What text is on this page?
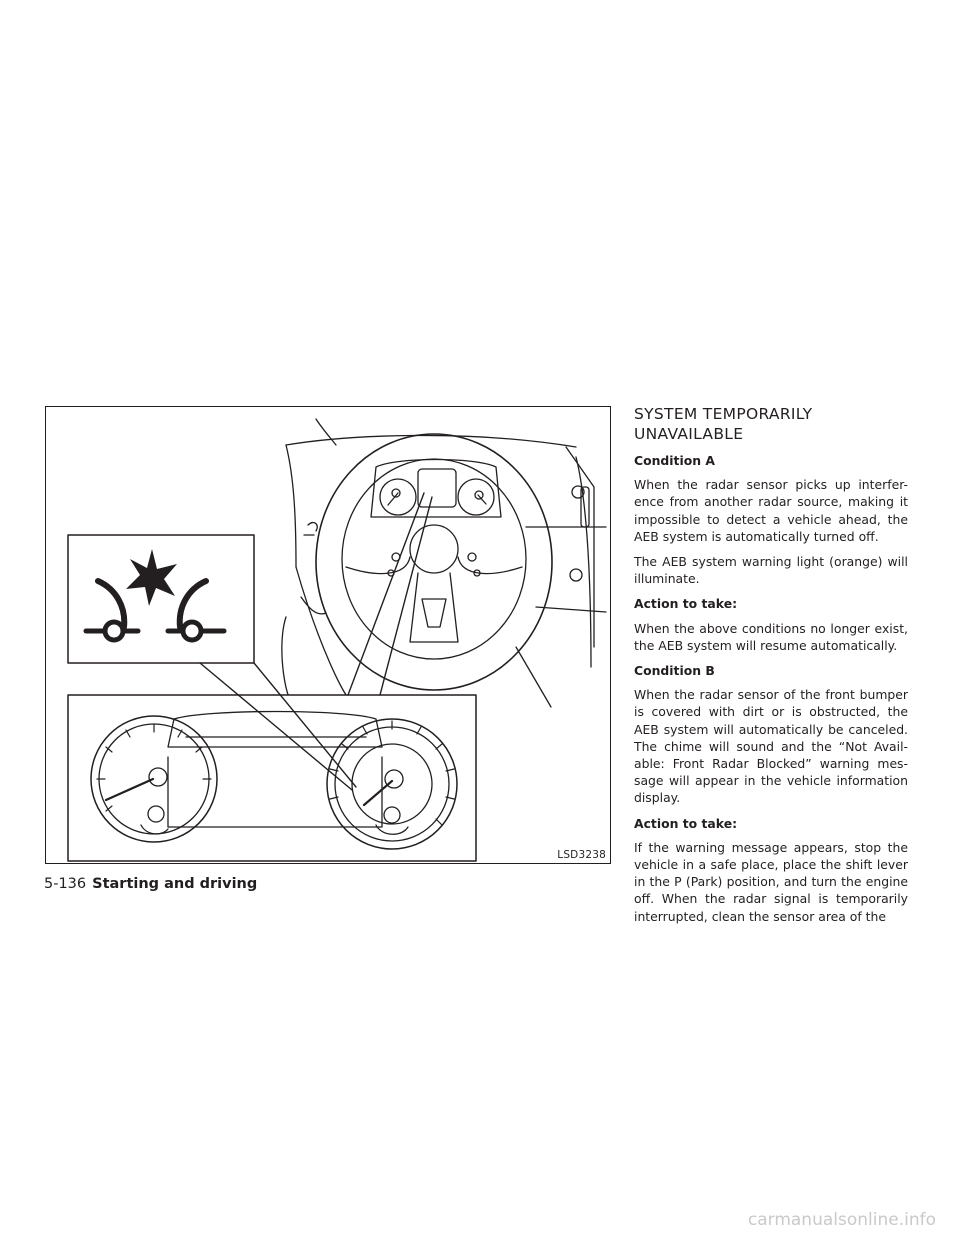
LSD3238
SYSTEM TEMPORARILY UNAVAILABLE
Condition A

When the radar sensor picks up interfer-ence from another radar source, making it impossible to detect a vehicle ahead, the AEB system is automatically turned off.

The AEB system warning light (orange) will illuminate.

Action to take:

When the above conditions no longer exist, the AEB system will resume automatically.

Condition B

When the radar sensor of the front bumper is covered with dirt or is obstructed, the AEB system will automatically be canceled. The chime will sound and the “Not Avail-able: Front Radar Blocked” warning mes-sage will appear in the vehicle information display.

Action to take:

If the warning message appears, stop the vehicle in a safe place, place the shift lever in the P (Park) position, and turn the engine off. When the radar signal is temporarily interrupted, clean the sensor area of the

5-136 Starting and driving
carmanualsonline.info
